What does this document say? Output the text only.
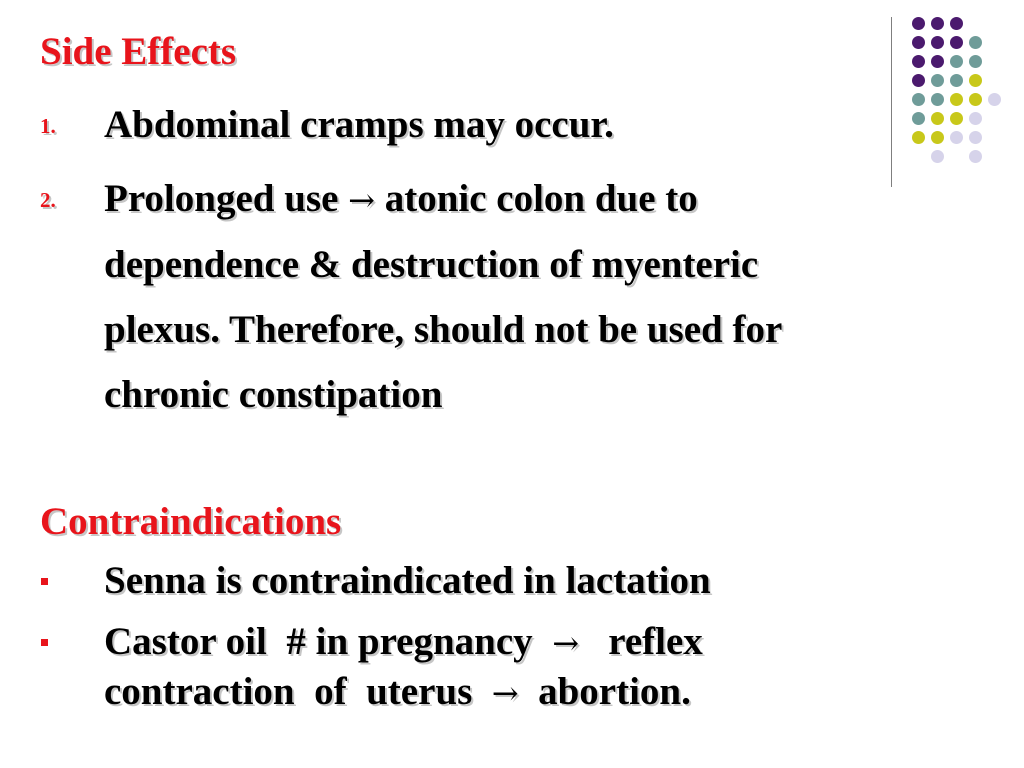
Side Effects
1. Abdominal cramps may occur.
2. Prolonged use → atonic colon due to
dependence & destruction of myenteric
plexus. Therefore, should not be used for
chronic constipation
Contraindications
Senna is contraindicated in lactation
Castor oil  # in pregnancy → reflex
contraction  of  uterus → abortion.
